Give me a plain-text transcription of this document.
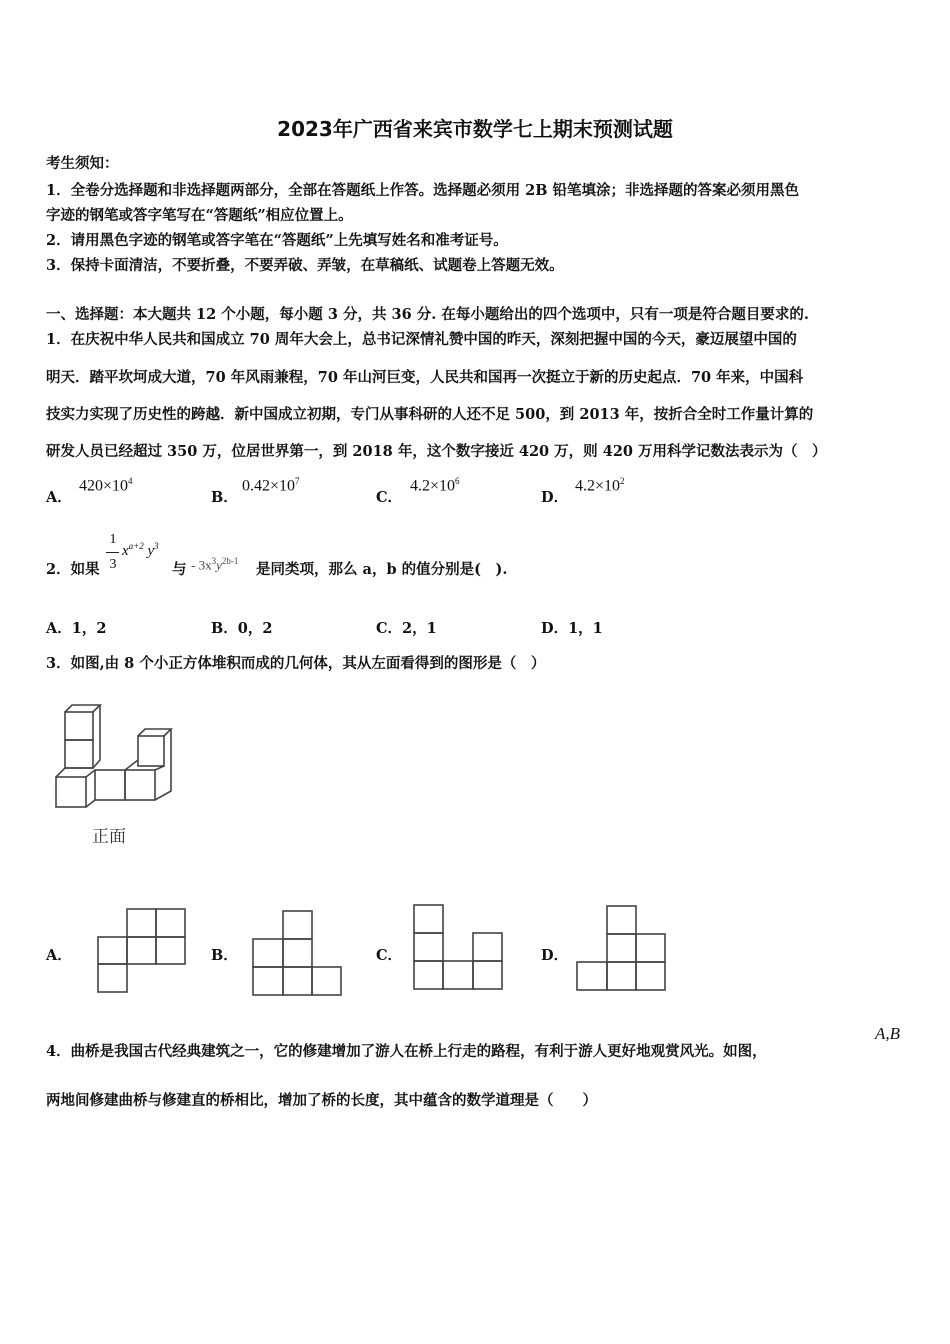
2023年广西省来宾市数学七上期末预测试题
考生须知：
1．全卷分选择题和非选择题两部分，全部在答题纸上作答。选择题必须用 2B 铅笔填涂；非选择题的答案必须用黑色
字迹的钢笔或答字笔写在“答题纸”相应位置上。
2．请用黑色字迹的钢笔或答字笔在“答题纸”上先填写姓名和准考证号。
3．保持卡面清洁，不要折叠，不要弄破、弄皱，在草稿纸、试题卷上答题无效。
一、选择题：本大题共 12 个小题，每小题 3 分，共 36 分. 在每小题给出的四个选项中，只有一项是符合题目要求的.
1．在庆祝中华人民共和国成立 70 周年大会上，总书记深情礼赞中国的昨天，深刻把握中国的今天，豪迈展望中国的
明天．踏平坎坷成大道，70 年风雨兼程，70 年山河巨变，人民共和国再一次挺立于新的历史起点．70 年来，中国科
技实力实现了历史性的跨越．新中国成立初期，专门从事科研的人还不足 500，到 2013 年，按折合全时工作量计算的
研发人员已经超过 350 万，位居世界第一，到 2018 年，这个数字接近 420 万，则 420 万用科学记数法表示为（　）
A．
$420\times 10^4$
B．
$0.42\times 10^7$
C．
$4.2\times 10^6$
D．
$4.2\times 10^2$
2．如果
1
3
$x^{a+2}$ $y^3$
与 - $3x^3y^{2b-1}$ 是同类项，那么 a，b 的值分别是(　).
A．1，2	B．0，2	C．2，1	D．1，1
3．如图,由 8 个小正方体堆积而成的几何体，其从左面看得到的图形是（　）
正面
A．	B．	C．	D．
4．曲桥是我国古代经典建筑之一，它的修建增加了游人在桥上行走的路程，有利于游人更好地观赏风光。如图，
A,B
两地间修建曲桥与修建直的桥相比，增加了桥的长度，其中蕴含的数学道理是（　　）
